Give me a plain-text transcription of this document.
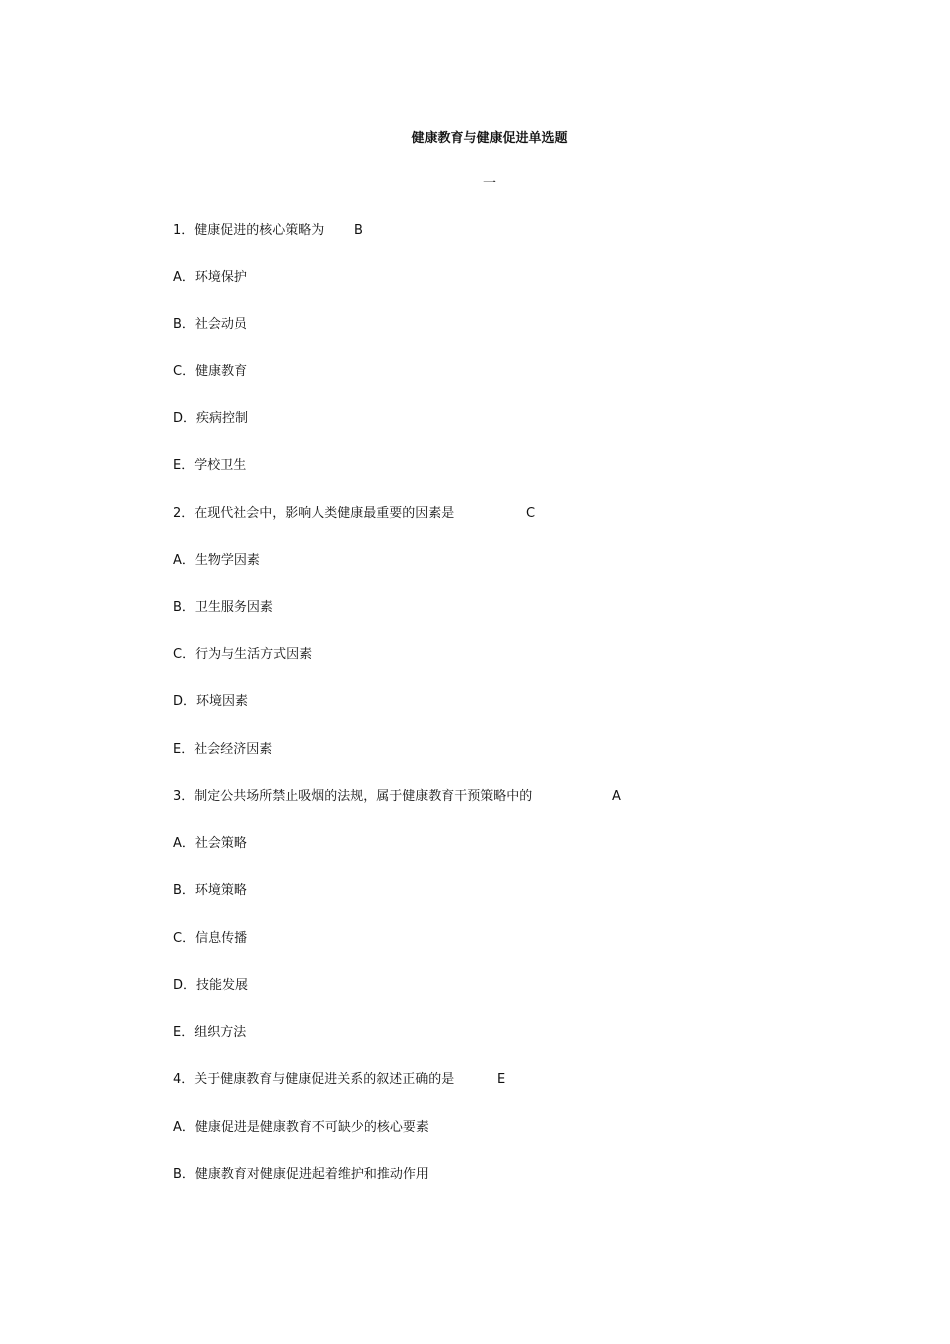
健康教育与健康促进单选题
一
1．健康促进的核心策略为 B
A．环境保护
B．社会动员
C．健康教育
D．疾病控制
E．学校卫生
2．在现代社会中，影响人类健康最重要的因素是	C
A．生物学因素
B．卫生服务因素
C．行为与生活方式因素
D．环境因素
E．社会经济因素
3．制定公共场所禁止吸烟的法规，属于健康教育干预策略中的	A
A．社会策略
B．环境策略
C．信息传播
D．技能发展
E．组织方法
4．关于健康教育与健康促进关系的叙述正确的是	E
A．健康促进是健康教育不可缺少的核心要素
B．健康教育对健康促进起着维护和推动作用
